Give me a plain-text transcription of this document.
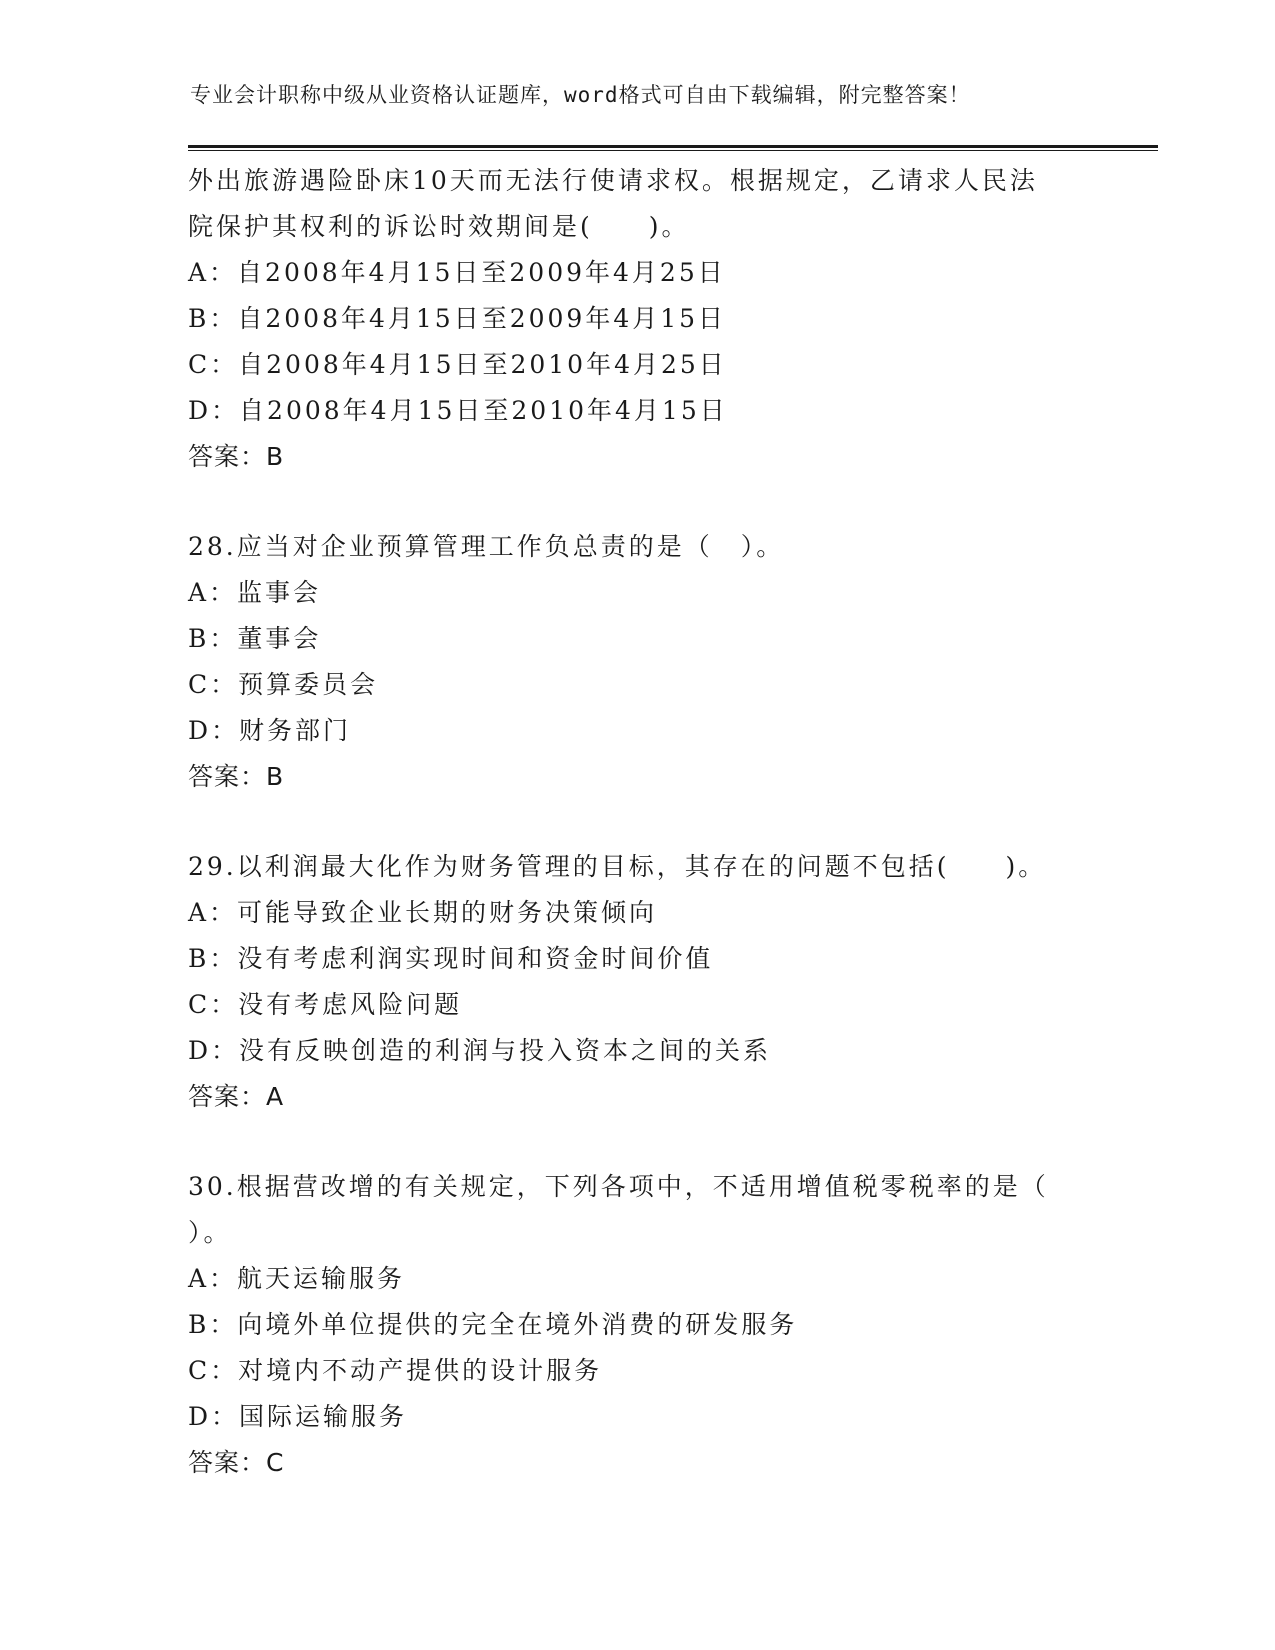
专业会计职称中级从业资格认证题库，word格式可自由下载编辑，附完整答案！
外出旅游遇险卧床10天而无法行使请求权。根据规定，乙请求人民法
院保护其权利的诉讼时效期间是(　　)。
A：自2008年4月15日至2009年4月25日
B：自2008年4月15日至2009年4月15日
C：自2008年4月15日至2010年4月25日
D：自2008年4月15日至2010年4月15日
答案：B
28.应当对企业预算管理工作负总责的是（　）。
A：监事会
B：董事会
C：预算委员会
D：财务部门
答案：B
29.以利润最大化作为财务管理的目标，其存在的问题不包括(　　)。
A：可能导致企业长期的财务决策倾向
B：没有考虑利润实现时间和资金时间价值
C：没有考虑风险问题
D：没有反映创造的利润与投入资本之间的关系
答案：A
30.根据营改增的有关规定，下列各项中，不适用增值税零税率的是（
）。
A：航天运输服务
B：向境外单位提供的完全在境外消费的研发服务
C：对境内不动产提供的设计服务
D：国际运输服务
答案：C
